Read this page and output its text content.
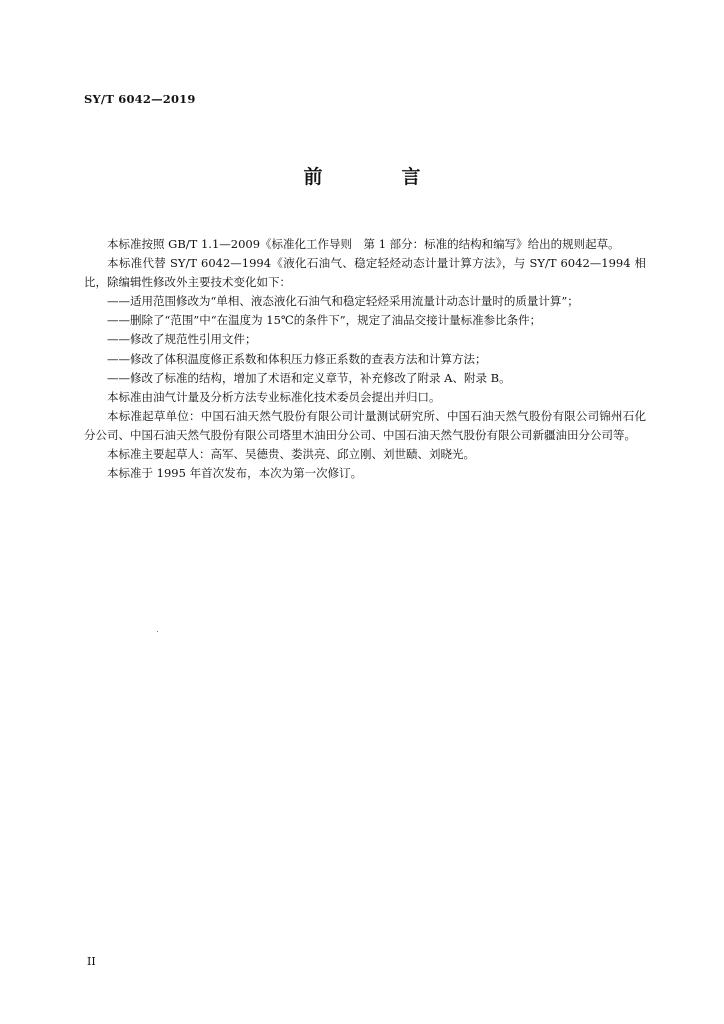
SY/T 6042—2019
前　言

本标准按照 GB/T 1.1—2009《标准化工作导则　第 1 部分：标准的结构和编写》给出的规则起草。

本标准代替 SY/T 6042—1994《液化石油气、稳定轻烃动态计量计算方法》，与 SY/T 6042—1994 相比，除编辑性修改外主要技术变化如下：

——适用范围修改为“单相、液态液化石油气和稳定轻烃采用流量计动态计量时的质量计算”；

——删除了“范围”中“在温度为 15℃的条件下”，规定了油品交接计量标准参比条件；

——修改了规范性引用文件；

——修改了体积温度修正系数和体积压力修正系数的查表方法和计算方法；

——修改了标准的结构，增加了术语和定义章节，补充修改了附录 A、附录 B。

本标准由油气计量及分析方法专业标准化技术委员会提出并归口。

本标准起草单位：中国石油天然气股份有限公司计量测试研究所、中国石油天然气股份有限公司锦州石化分公司、中国石油天然气股份有限公司塔里木油田分公司、中国石油天然气股份有限公司新疆油田分公司等。

本标准主要起草人：高军、吴德贵、娄洪亮、邱立刚、刘世赜、刘晓光。

本标准于 1995 年首次发布，本次为第一次修订。

II
